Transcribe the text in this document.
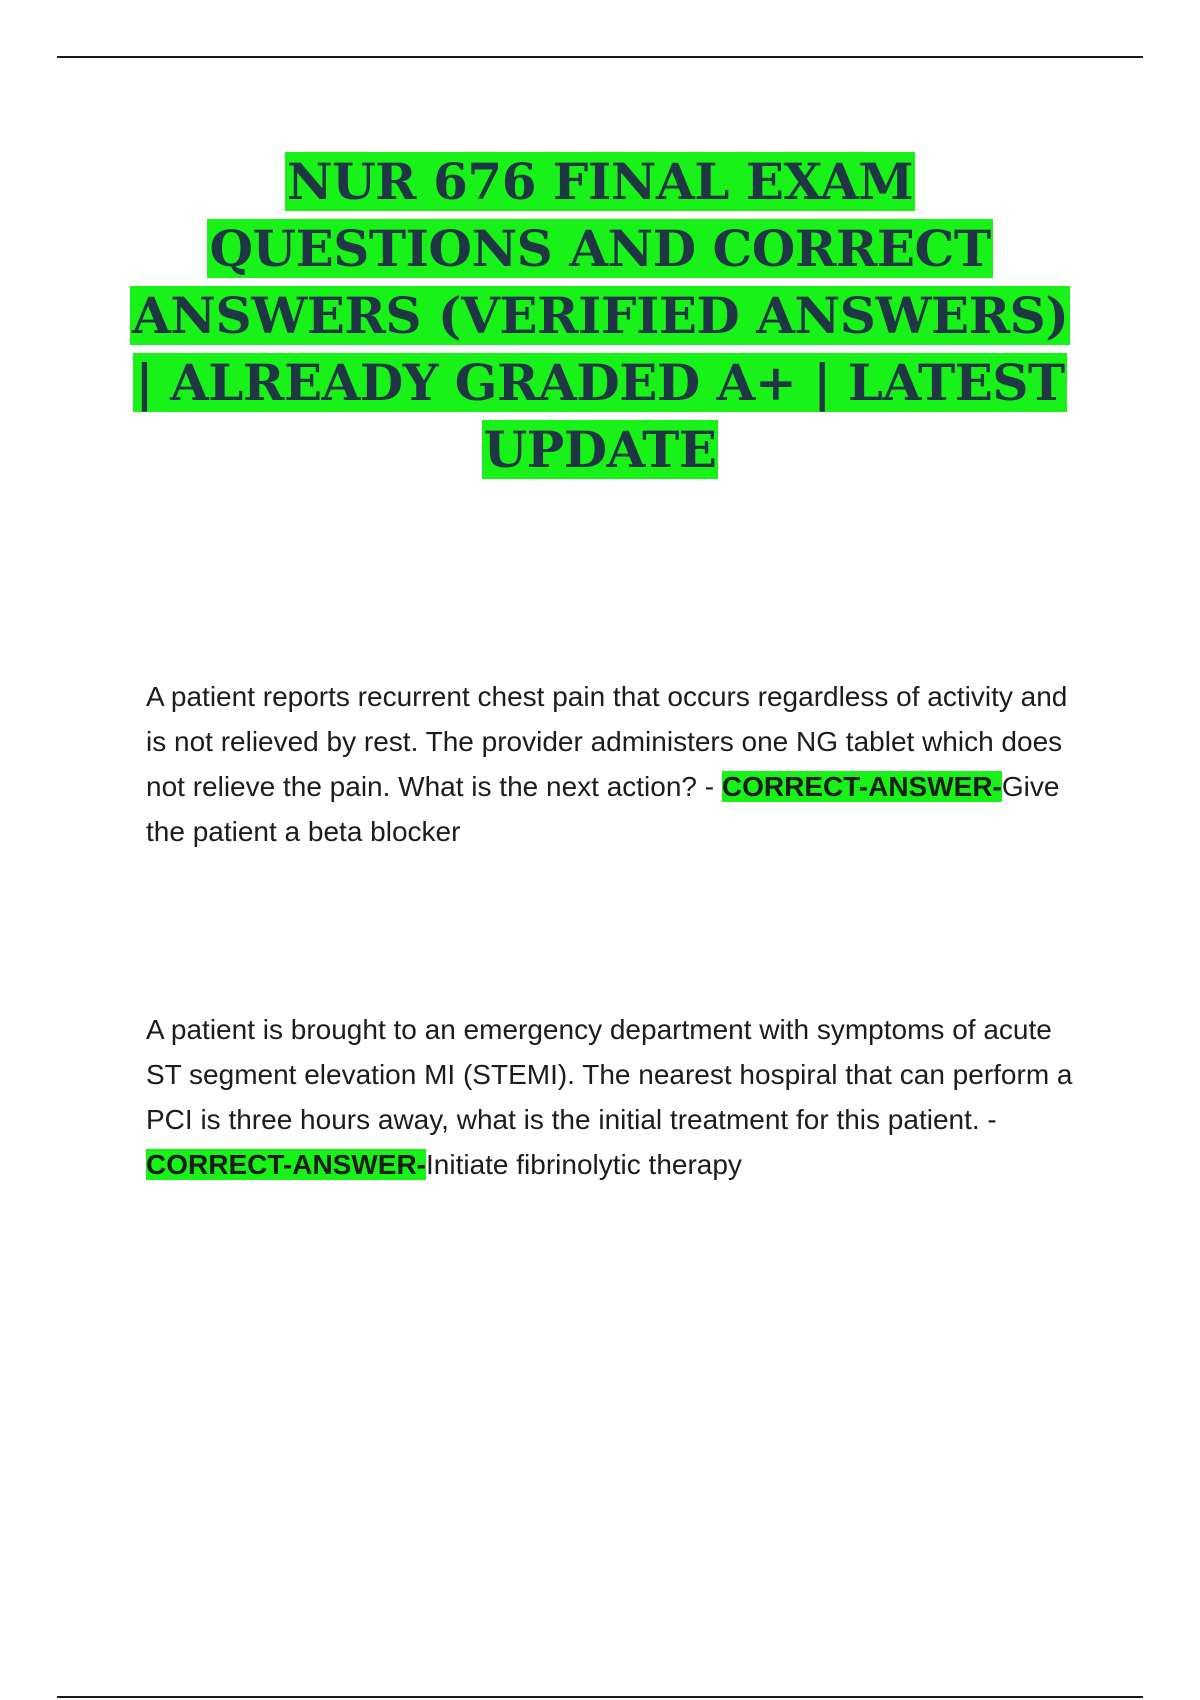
NUR 676 FINAL EXAM QUESTIONS AND CORRECT ANSWERS (VERIFIED ANSWERS) | ALREADY GRADED A+ | LATEST UPDATE

A patient reports recurrent chest pain that occurs regardless of activity and is not relieved by rest. The provider administers one NG tablet which does not relieve the pain. What is the next action? - CORRECT-ANSWER-Give the patient a beta blocker

A patient is brought to an emergency department with symptoms of acute ST segment elevation MI (STEMI). The nearest hospiral that can perform a PCI is three hours away, what is the initial treatment for this patient. - CORRECT-ANSWER-Initiate fibrinolytic therapy
